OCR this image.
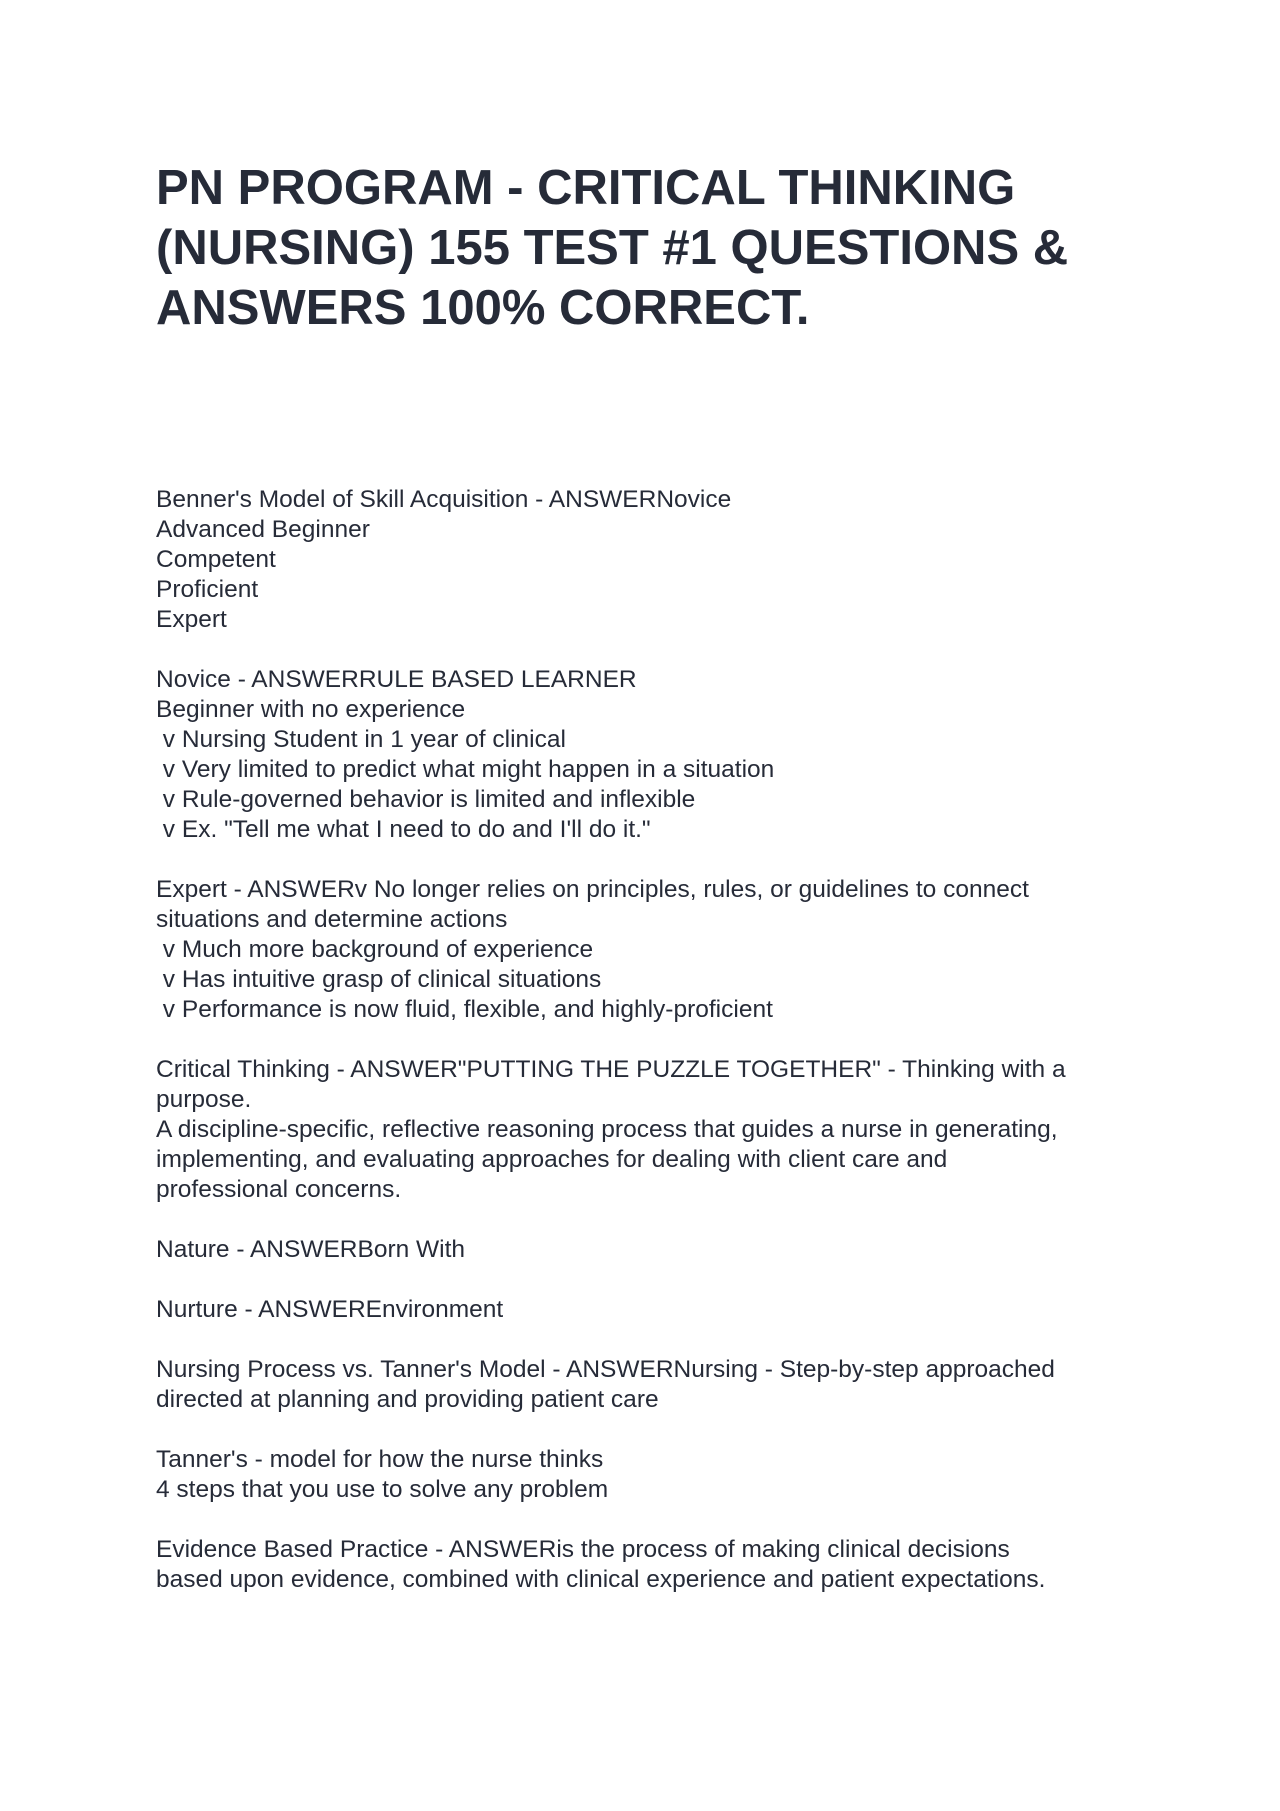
PN PROGRAM - CRITICAL THINKING
(NURSING) 155 TEST #1 QUESTIONS &
ANSWERS 100% CORRECT.
Benner's Model of Skill Acquisition - ANSWERNovice
Advanced Beginner
Competent
Proficient
Expert
Novice - ANSWERRULE BASED LEARNER
Beginner with no experience
v Nursing Student in 1 year of clinical
v Very limited to predict what might happen in a situation
v Rule-governed behavior is limited and inflexible
v Ex. "Tell me what I need to do and I'll do it."
Expert - ANSWERv No longer relies on principles, rules, or guidelines to connect
situations and determine actions
v Much more background of experience
v Has intuitive grasp of clinical situations
v Performance is now fluid, flexible, and highly-proficient
Critical Thinking - ANSWER"PUTTING THE PUZZLE TOGETHER" - Thinking with a
purpose.
A discipline-specific, reflective reasoning process that guides a nurse in generating,
implementing, and evaluating approaches for dealing with client care and
professional concerns.
Nature - ANSWERBorn With
Nurture - ANSWEREnvironment
Nursing Process vs. Tanner's Model - ANSWERNursing - Step-by-step approached
directed at planning and providing patient care
Tanner's - model for how the nurse thinks
4 steps that you use to solve any problem
Evidence Based Practice - ANSWERis the process of making clinical decisions
based upon evidence, combined with clinical experience and patient expectations.
